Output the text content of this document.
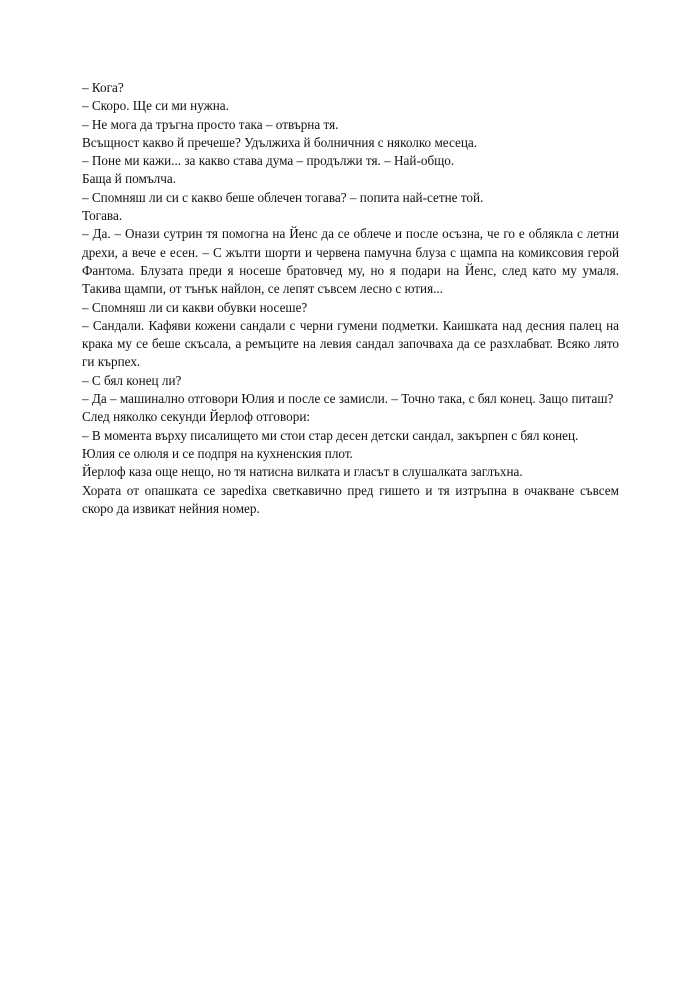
– Кога?

– Скоро. Ще си ми нужна.

– Не мога да тръгна просто така – отвърна тя.

Всъщност какво й пречеше? Удължиха й болничния с няколко месеца.

– Поне ми кажи... за какво става дума – продължи тя. – Най‑общо.

Баща й помълча.

– Спомняш ли си с какво беше облечен тогава? – попита най‑сетне той.

Тогава.

– Да. – Онази сутрин тя помогна на Йенс да се облече и после осъзна, че го е облякла с летни дрехи, а вече е есен. – С жълти шорти и червена памучна блуза с щампа на комиксовия герой Фантома. Блузата преди я носеше братовчед му, но я подари на Йенс, след като му умаля. Такива щампи, от тънък найлон, се лепят съвсем лесно с ютия...

– Спомняш ли си какви обувки носеше?

– Сандали. Кафяви кожени сандали с черни гумени подметки. Каишката над десния палец на крака му се беше скъсала, а ремъците на левия сандал започваха да се разхлабват. Всяко лято ги кърпех.

– С бял конец ли?

– Да – машинално отговори Юлия и после се замисли. – Точно така, с бял конец. Защо питаш?

След няколко секунди Йерлоф отговори:

– В момента върху писалището ми стои стар десен детски сандал, закърпен с бял конец.

Юлия се олюля и се подпря на кухненския плот.

Йерлоф каза още нещо, но тя натисна вилката и гласът в слушалката заглъхна.

Хората от опашката се зарediха светкавично пред гишето и тя изтръпна в очакване съвсем скоро да извикат нейния номер.
